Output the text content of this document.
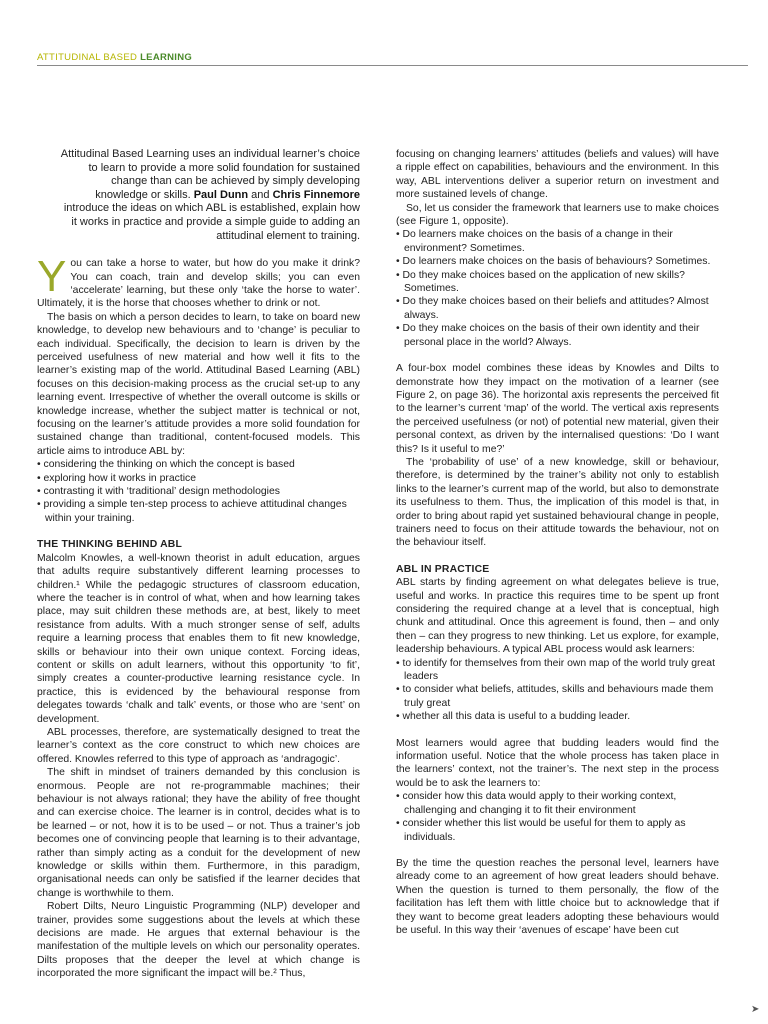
ATTITUDINAL BASED LEARNING

Attitudinal Based Learning uses an individual learner’s choice to learn to provide a more solid foundation for sustained change than can be achieved by simply developing knowledge or skills. Paul Dunn and Chris Finnemore introduce the ideas on which ABL is established, explain how it works in practice and provide a simple guide to adding an attitudinal element to training.

You can take a horse to water, but how do you make it drink? You can coach, train and develop skills; you can even ‘accelerate’ learning, but these only ‘take the horse to water’. Ultimately, it is the horse that chooses whether to drink or not.

The basis on which a person decides to learn, to take on board new knowledge, to develop new behaviours and to ‘change’ is peculiar to each individual. Specifically, the decision to learn is driven by the perceived usefulness of new material and how well it fits to the learner’s existing map of the world. Attitudinal Based Learning (ABL) focuses on this decision-making process as the crucial set-up to any learning event. Irrespective of whether the overall outcome is skills or knowledge increase, whether the subject matter is technical or not, focusing on the learner’s attitude provides a more solid foundation for sustained change than traditional, content-focused models. This article aims to introduce ABL by:

• considering the thinking on which the concept is based
• exploring how it works in practice
• contrasting it with ‘traditional’ design methodologies
• providing a simple ten-step process to achieve attitudinal changes within your training.
THE THINKING BEHIND ABL

Malcolm Knowles, a well-known theorist in adult education, argues that adults require substantively different learning processes to children.¹ While the pedagogic structures of classroom education, where the teacher is in control of what, when and how learning takes place, may suit children these methods are, at best, likely to meet resistance from adults. With a much stronger sense of self, adults require a learning process that enables them to fit new knowledge, skills or behaviour into their own unique context. Forcing ideas, content or skills on adult learners, without this opportunity ‘to fit’, simply creates a counter-productive learning resistance cycle. In practice, this is evidenced by the behavioural response from delegates towards ‘chalk and talk’ events, or those who are ‘sent’ on development.

ABL processes, therefore, are systematically designed to treat the learner’s context as the core construct to which new choices are offered. Knowles referred to this type of approach as ‘andragogic’.

The shift in mindset of trainers demanded by this conclusion is enormous. People are not re-programmable machines; their behaviour is not always rational; they have the ability of free thought and can exercise choice. The learner is in control, decides what is to be learned – or not, how it is to be used – or not. Thus a trainer’s job becomes one of convincing people that learning is to their advantage, rather than simply acting as a conduit for the development of new knowledge or skills within them. Furthermore, in this paradigm, organisational needs can only be satisfied if the learner decides that change is worthwhile to them.

Robert Dilts, Neuro Linguistic Programming (NLP) developer and trainer, provides some suggestions about the levels at which these decisions are made. He argues that external behaviour is the manifestation of the multiple levels on which our personality operates. Dilts proposes that the deeper the level at which change is incorporated the more significant the impact will be.² Thus,

focusing on changing learners’ attitudes (beliefs and values) will have a ripple effect on capabilities, behaviours and the environment. In this way, ABL interventions deliver a superior return on investment and more sustained levels of change.

So, let us consider the framework that learners use to make choices (see Figure 1, opposite).

• Do learners make choices on the basis of a change in their environment? Sometimes.
• Do learners make choices on the basis of behaviours? Sometimes.
• Do they make choices based on the application of new skills? Sometimes.
• Do they make choices based on their beliefs and attitudes? Almost always.
• Do they make choices on the basis of their own identity and their personal place in the world? Always.

A four-box model combines these ideas by Knowles and Dilts to demonstrate how they impact on the motivation of a learner (see Figure 2, on page 36). The horizontal axis represents the perceived fit to the learner’s current ‘map’ of the world. The vertical axis represents the perceived usefulness (or not) of potential new material, given their personal context, as driven by the internalised questions: ‘Do I want this? Is it useful to me?’

The ‘probability of use’ of a new knowledge, skill or behaviour, therefore, is determined by the trainer’s ability not only to establish links to the learner’s current map of the world, but also to demonstrate its usefulness to them. Thus, the implication of this model is that, in order to bring about rapid yet sustained behavioural change in people, trainers need to focus on their attitude towards the behaviour, not on the behaviour itself.

ABL IN PRACTICE

ABL starts by finding agreement on what delegates believe is true, useful and works. In practice this requires time to be spent up front considering the required change at a level that is conceptual, high chunk and attitudinal. Once this agreement is found, then – and only then – can they progress to new thinking. Let us explore, for example, leadership behaviours. A typical ABL process would ask learners:

• to identify for themselves from their own map of the world truly great leaders
• to consider what beliefs, attitudes, skills and behaviours made them truly great
• whether all this data is useful to a budding leader.

Most learners would agree that budding leaders would find the information useful. Notice that the whole process has taken place in the learners’ context, not the trainer’s. The next step in the process would be to ask the learners to:

• consider how this data would apply to their working context, challenging and changing it to fit their environment
• consider whether this list would be useful for them to apply as individuals.

By the time the question reaches the personal level, learners have already come to an agreement of how great leaders should behave. When the question is turned to them personally, the flow of the facilitation has left them with little choice but to acknowledge that if they want to become great leaders adopting these behaviours would be useful. In this way their ‘avenues of escape’ have been cut

➤
